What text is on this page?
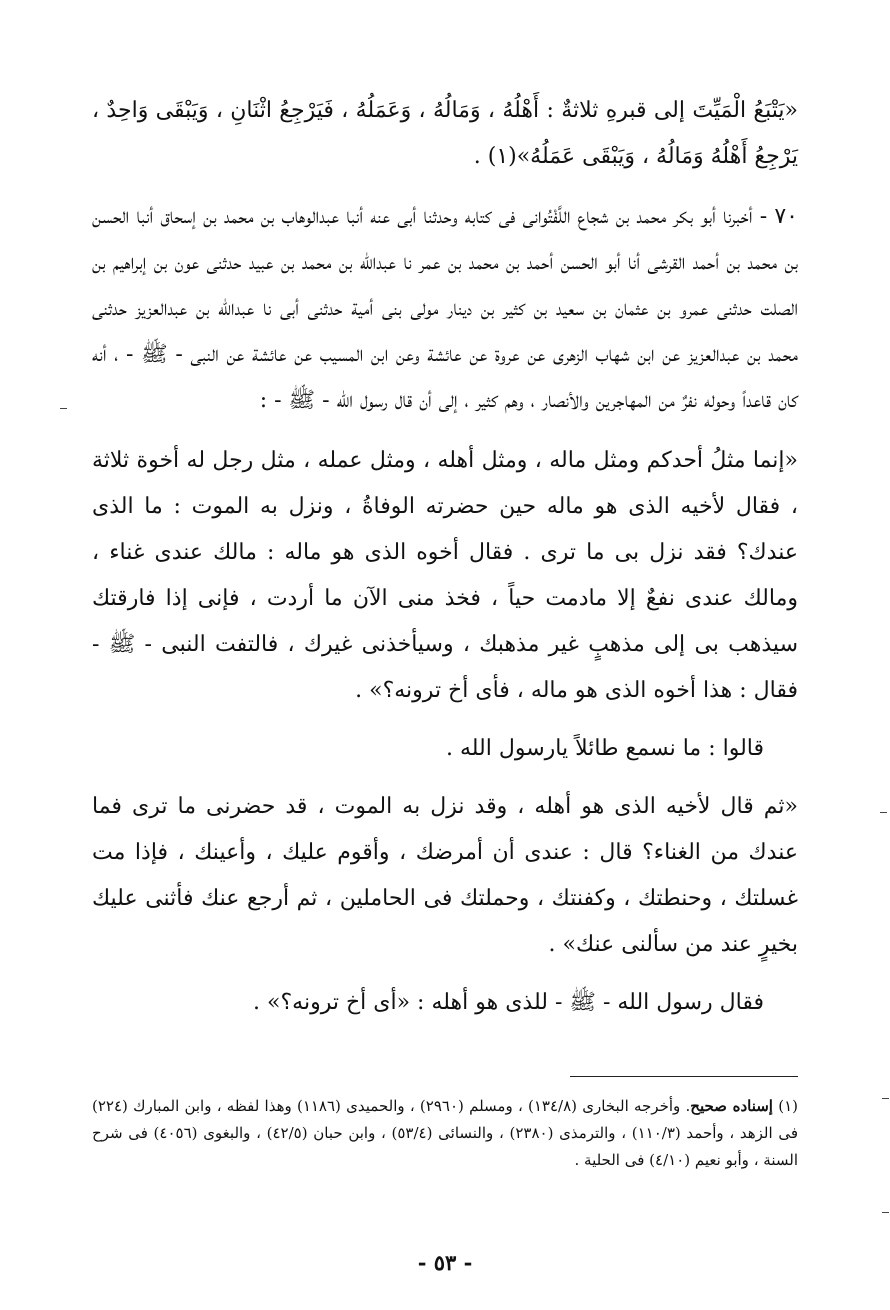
«يَتْبَعُ الْمَيِّتَ إلى قبرهِ ثلاثةٌ : أَهْلُهُ ، وَمَالُهُ ، وَعَمَلُهُ ، فَيَرْجِعُ اثْنَانِ ، وَيَبْقَى وَاحِدٌ ، يَرْجِعُ أَهْلُهُ وَمَالُهُ ، وَيَبْقَى عَمَلُهُ»(١) .

٧٠ - أخبرنا أبو بكر محمد بن شجاع اللَّفْتُوانى فى كتابه وحدثنا أبى عنه أنبا عبدالوهاب بن محمد بن إسحاق أنبا الحسن بن محمد بن أحمد القرشى أنا أبو الحسن أحمد بن محمد بن عمر نا عبدالله بن محمد بن عبيد حدثنى عون بن إبراهيم بن الصلت حدثنى عمرو بن عثمان بن سعيد بن كثير بن دينار مولى بنى أمية حدثنى أبى نا عبدالله بن عبدالعزيز حدثنى محمد بن عبدالعزيز عن ابن شهاب الزهرى عن عروة عن عائشة وعن ابن المسيب عن عائشة عن النبى - ﷺ - ، أنه كان قاعداً وحوله نفرٌ من المهاجرين والأنصار ، وهم كثير ، إلى أن قال رسول الله - ﷺ - :

«إنما مثلُ أحدكم ومثل ماله ، ومثل أهله ، ومثل عمله ، مثل رجل له أخوة ثلاثة ، فقال لأخيه الذى هو ماله حين حضرته الوفاةُ ، ونزل به الموت : ما الذى عندك؟ فقد نزل بى ما ترى . فقال أخوه الذى هو ماله : مالك عندى غناء ، ومالك عندى نفعٌ إلا مادمت حياً ، فخذ منى الآن ما أردت ، فإنى إذا فارقتك سيذهب بى إلى مذهبٍ غير مذهبك ، وسيأخذنى غيرك ، فالتفت النبى - ﷺ - فقال : هذا أخوه الذى هو ماله ، فأى أخ ترونه؟» .

قالوا : ما نسمع طائلاً يارسول الله .

«ثم قال لأخيه الذى هو أهله ، وقد نزل به الموت ، قد حضرنى ما ترى فما عندك من الغناء؟ قال : عندى أن أمرضك ، وأقوم عليك ، وأعينك ، فإذا مت غسلتك ، وحنطتك ، وكفنتك ، وحملتك فى الحاملين ، ثم أرجع عنك فأثنى عليك بخيرٍ عند من سألنى عنك» .

فقال رسول الله - ﷺ - للذى هو أهله : «أى أخ ترونه؟» .

(١) إسناده صحيح. وأخرجه البخارى (١٣٤/٨) ، ومسلم (٢٩٦٠) ، والحميدى (١١٨٦) وهذا لفظه ، وابن المبارك (٢٢٤) فى الزهد ، وأحمد (١١٠/٣) ، والترمذى (٢٣٨٠) ، والنسائى (٥٣/٤) ، وابن حبان (٤٢/٥) ، والبغوى (٤٠٥٦) فى شرح السنة ، وأبو نعيم (٤/١٠) فى الحلية .

- ٥٣ -
